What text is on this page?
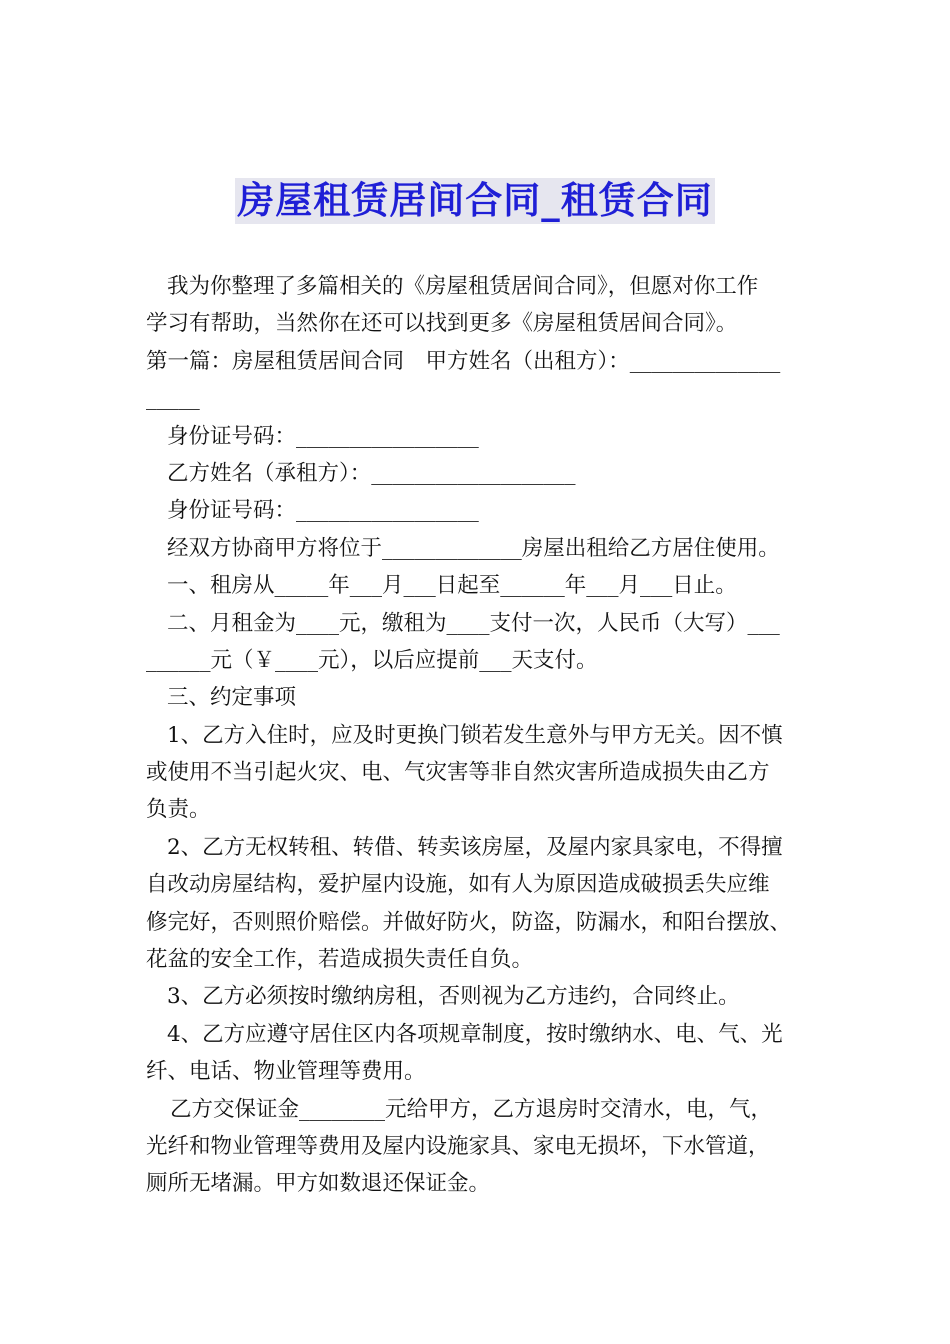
房屋租赁居间合同_租赁合同
我为你整理了多篇相关的《房屋租赁居间合同》，但愿对你工作
学习有帮助，当然你在还可以找到更多《房屋租赁居间合同》。
第一篇：房屋租赁居间合同　甲方姓名（出租方）：______________
_____
身份证号码：_________________
乙方姓名（承租方）：___________________
身份证号码：_________________
经双方协商甲方将位于_____________房屋出租给乙方居住使用。
一、租房从_____年___月___日起至______年___月___日止。
二、月租金为____元，缴租为____支付一次，人民币（大写）___
______元（￥____元），以后应提前___天支付。
三、约定事项
1、乙方入住时，应及时更换门锁若发生意外与甲方无关。因不慎
或使用不当引起火灾、电、气灾害等非自然灾害所造成损失由乙方
负责。
2、乙方无权转租、转借、转卖该房屋，及屋内家具家电，不得擅
自改动房屋结构，爱护屋内设施，如有人为原因造成破损丢失应维
修完好，否则照价赔偿。并做好防火，防盗，防漏水，和阳台摆放、
花盆的安全工作，若造成损失责任自负。
3、乙方必须按时缴纳房租，否则视为乙方违约，合同终止。
4、乙方应遵守居住区内各项规章制度，按时缴纳水、电、气、光
纤、电话、物业管理等费用。
乙方交保证金________元给甲方，乙方退房时交清水，电，气，
光纤和物业管理等费用及屋内设施家具、家电无损坏，下水管道，
厕所无堵漏。甲方如数退还保证金。
